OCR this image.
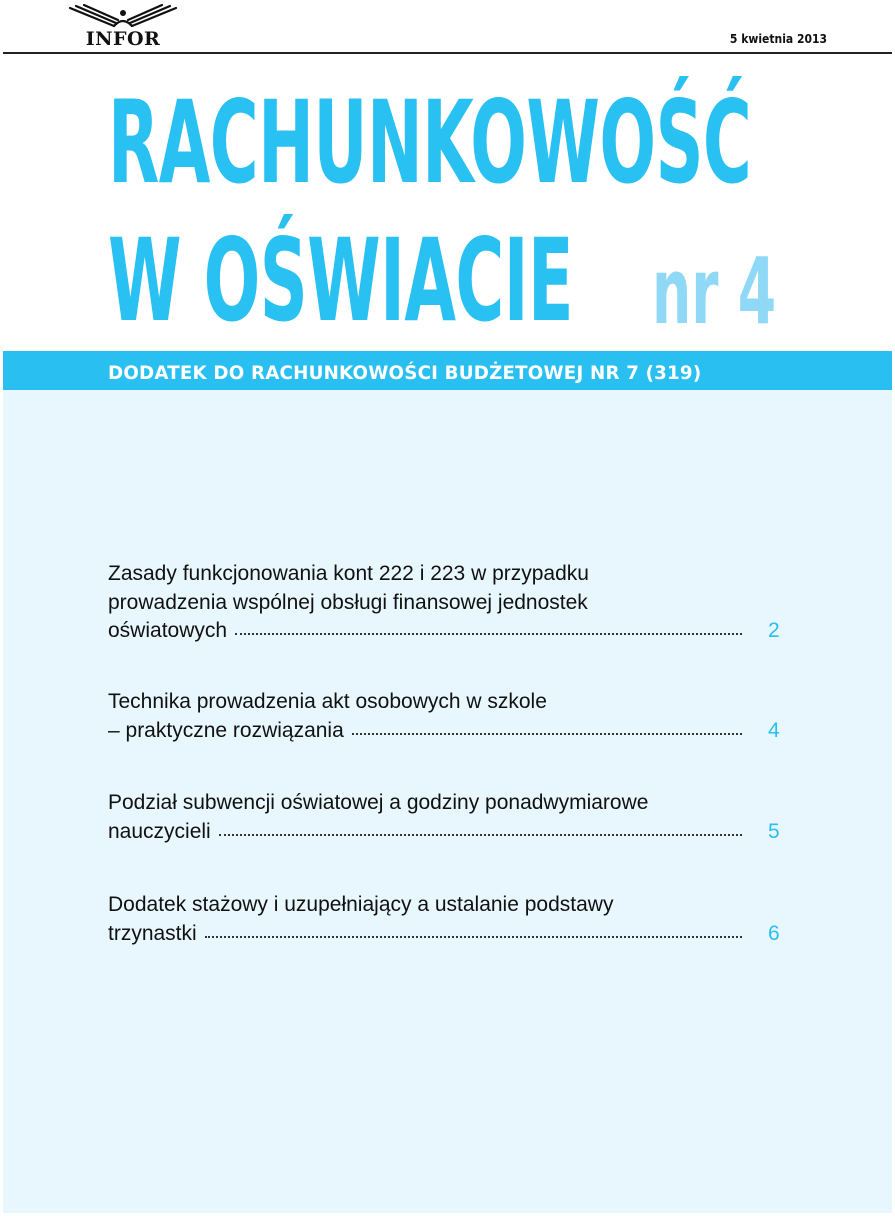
INFOR	5 kwietnia 2013
RACHUNKOWOŚĆ
W OŚWIACIE nr 4
DODATEK DO RACHUNKOWOŚCI BUDŻETOWEJ NR 7 (319)
Zasady funkcjonowania kont 222 i 223 w przypadku
prowadzenia wspólnej obsługi finansowej jednostek
oświatowych	2
Technika prowadzenia akt osobowych w szkole
– praktyczne rozwiązania	4
Podział subwencji oświatowej a godziny ponadwymiarowe
nauczycieli	5
Dodatek stażowy i uzupełniający a ustalanie podstawy
trzynastki	6
